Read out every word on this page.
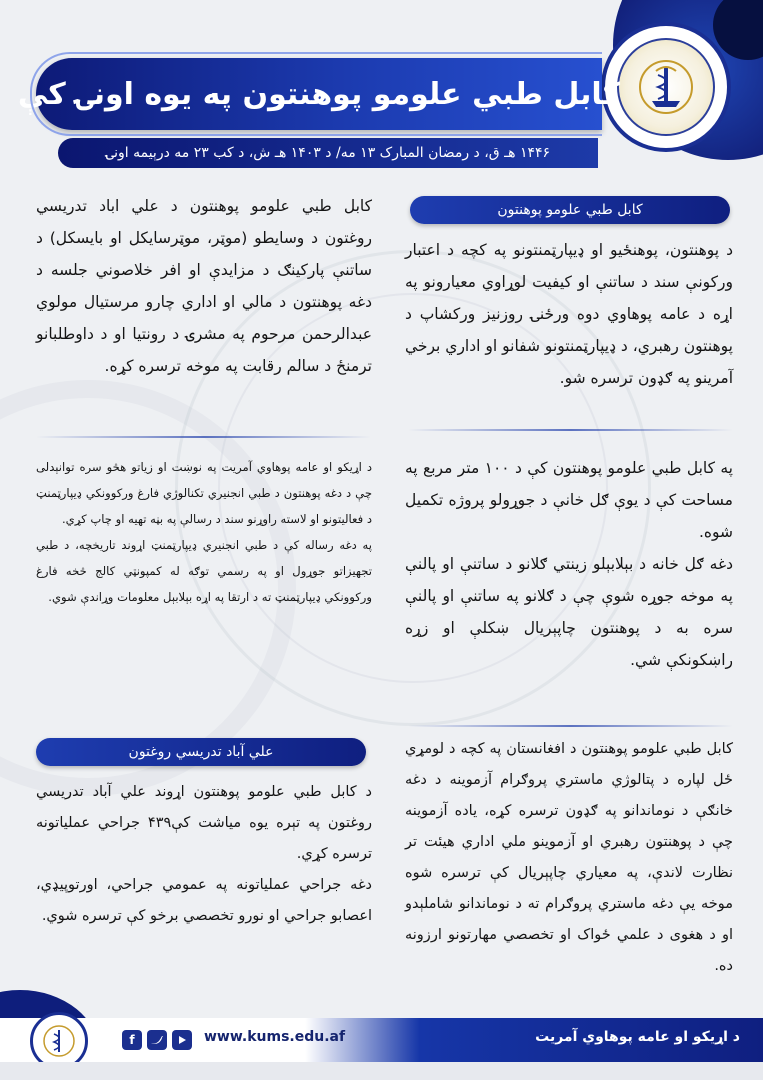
کابل طبي علومو پوهنتون په یوه اونۍ کې
۱۴۴۶ هـ ق، د رمضان المبارک ۱۳ مه/ د ۱۴۰۳ هـ ش، د کب ۲۳ مه درېیمه اونۍ
کابل طبي علومو پوهنتون

د پوهنتون، پوهنځیو او ډیپارټمنتونو په کچه د اعتبار ورکونې سند د ساتنې او کیفیت لوړاوي معیارونو په اړه د عامه پوهاوي دوه ورځنۍ روزنیز ورکشاپ د پوهنتون رهبري، د ډیپارټمنتونو شفانو او اداري برخي آمرینو په ګډون ترسره شو.

په کابل طبي علومو پوهنتون کې د ۱۰۰ متر مربع په مساحت کې د یوې ګل خانې د جوړولو پروژه تکمیل شوه.

دغه ګل خانه د بېلابېلو زینتي ګلانو د ساتنې او پالنې په موخه جوړه شوې چې د ګلانو په ساتنې او پالنې سره به د پوهنتون چاپېریال ښکلې او زړه راښکونکې شي.

کابل طبي علومو پوهنتون د افغانستان په کچه د لومړي ځل لپاره د پتالوژي ماستري پروګرام آزموینه د دغه خانګې د نوماندانو په ګډون ترسره کړه، یاده آزموینه چې د پوهنتون رهبري او آزموینو ملي اداري هیئت تر نظارت لاندې، په معیاري چاپېریال کې ترسره شوه موخه یې دغه ماستري پروګرام ته د نوماندانو شاملېدو او د هغوی د علمي ځواک او تخصصي مهارتونو ارزونه ده.

کابل طبي علومو پوهنتون د علي اباد تدریسي روغتون د وسایطو (موټر، موټرسایکل او بایسکل) د ساتنې پارکینګ د مزایدې او افر خلاصوني جلسه د دغه پوهنتون د مالي او اداري چارو مرستیال مولوي عبدالرحمن مرحوم په مشرۍ د رونتیا او د داوطلبانو ترمنځ د سالم رقابت په موخه ترسره کړه.

د اړیکو او عامه پوهاوي آمریت په نوښت او زیاتو هڅو سره توانېدلی چې د دغه پوهنتون د طبي انجنیري تکنالوژي فارغ ورکوونکي ډیپارټمنټ د فعالیتونو او لاسته راوړنو سند د رسالې په بڼه تهیه او چاپ کړي.

په دغه رساله کې د طبي انجنیري ډیپارټمنټ اړوند تاریخچه، د طبي تجهیزاتو جوړول او په رسمي توګه له کمپونټي کالج څخه فارغ ورکوونکي ډیپارټمنټ ته د ارتقا په اړه بېلابېل معلومات وړاندې شوي.

علي آباد تدریسي روغتون

د کابل طبي علومو پوهنتون اړوند علي آباد تدریسي روغتون په تېره یوه میاشت کې۴۳۹ جراحي عملیاتونه ترسره کړي.

دغه جراحي عملیاتونه په عمومي جراحي، اورتوپیډي، اعصابو جراحي او نورو تخصصي برخو کې ترسره شوي.

f	www.kums.edu.af	د اړیکو او عامه پوهاوي آمریت
